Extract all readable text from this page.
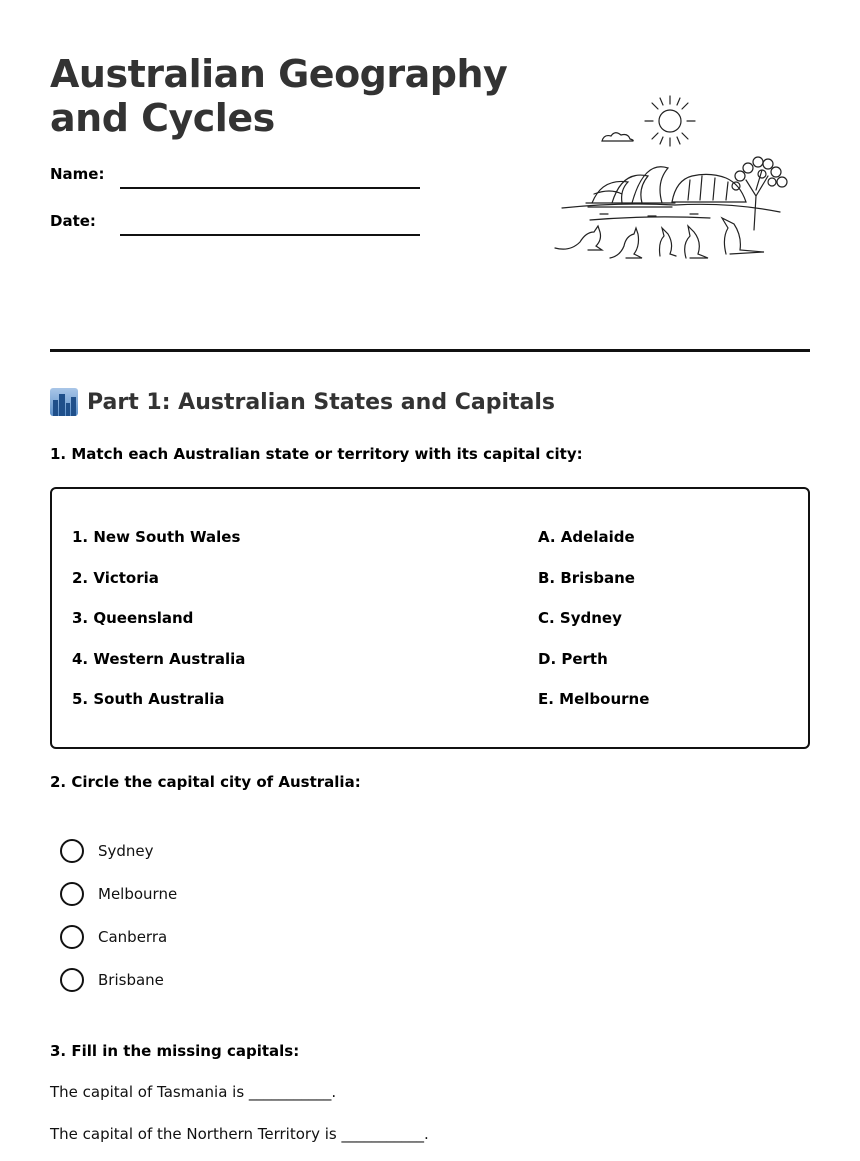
Australian Geography
and Cycles
Name:
Date:
Part 1: Australian States and Capitals
1. Match each Australian state or territory with its capital city:
1. New South Wales
2. Victoria
3. Queensland
4. Western Australia
5. South Australia
A. Adelaide
B. Brisbane
C. Sydney
D. Perth
E. Melbourne
2. Circle the capital city of Australia:
Sydney
Melbourne
Canberra
Brisbane
3. Fill in the missing capitals:
The capital of Tasmania is ___________.
The capital of the Northern Territory is ___________.
